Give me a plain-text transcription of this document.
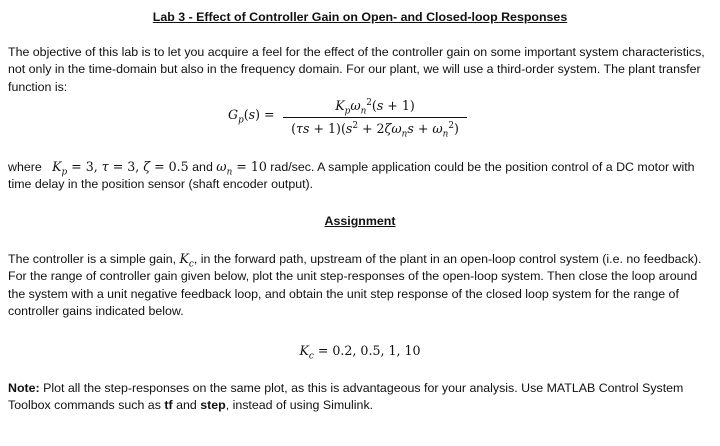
Lab 3 - Effect of Controller Gain on Open- and Closed-loop Responses
The objective of this lab is to let you acquire a feel for the effect of the controller gain on some important system characteristics, not only in the time-domain but also in the frequency domain. For our plant, we will use a third-order system. The plant transfer function is:
$G_p(s)$ =
$K_p\omega_n^2(s + 1)$
$(\tau s + 1)(s^2 + 2\zeta\omega_ns + \omega_n^2)$
where $K_p = 3$, τ = 3, ζ = 0.5 and $\omega_n = 10$ rad/sec. A sample application could be the position control of a DC motor with time delay in the position sensor (shaft encoder output).
Assignment
The controller is a simple gain, $K_c$, in the forward path, upstream of the plant in an open-loop control system (i.e. no feedback). For the range of controller gain given below, plot the unit step-responses of the open-loop system. Then close the loop around the system with a unit negative feedback loop, and obtain the unit step response of the closed loop system for the range of controller gains indicated below.
$K_c = 0.2$, 0.5, 1, 10
Note: Plot all the step-responses on the same plot, as this is advantageous for your analysis. Use MATLAB Control System Toolbox commands such as tf and step, instead of using Simulink.
